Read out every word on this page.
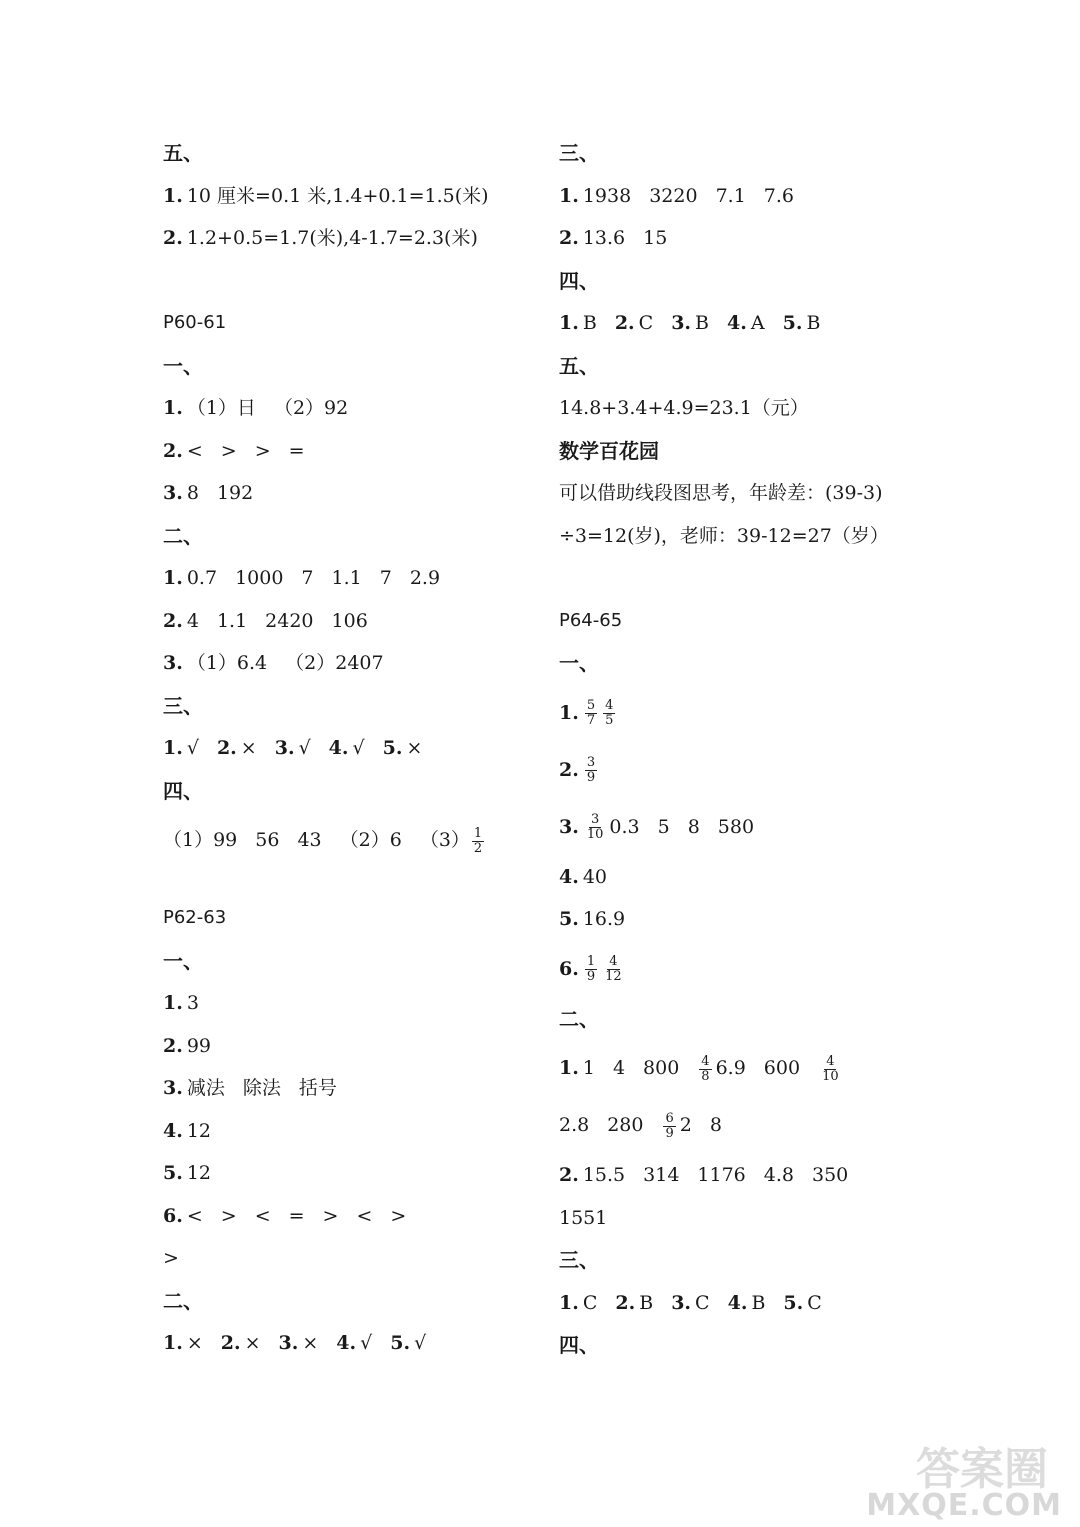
五、
1. 10 厘米=0.1 米,1.4+0.1=1.5(米)
2. 1.2+0.5=1.7(米),4-1.7=2.3(米)
P60-61
一、
1. （1）日 （2）92
2. < > > =
3. 8 192
二、
1. 0.7 1000 7 1.1 7 2.9
2. 4 1.1 2420 106
3. （1）6.4 （2）2407
三、
1. √ 2. × 3. √ 4. √ 5. ×
四、
（1）99 56 43 （2）6 $(3) \frac{1}{2}$
P62-63
一、
1. 3
2. 99
3. 减法 除法 括号
4. 12
5. 12
6. < > < = > < >
>
二、
1. × 2. × 3. × 4. √ 5. √
三、
1. 1938 3220 7.1 7.6
2. 13.6 15
四、
1. B 2. C 3. B 4. A 5. B
五、
14.8+3.4+4.9=23.1（元）
数学百花园
可以借助线段图思考，年龄差：(39-3)
÷3=12(岁)，老师：39-12=27（岁）
P64-65
一、
1. $\frac{5}{7} \frac{4}{5}$
2. $\frac{3}{9}$
3. $\frac{3}{10} 0.3$ 5 8 580
4. 40
5. 16.9
6. $\frac{1}{9} \frac{4}{12}$
二、
1. 1 4 $800 \frac{4}{8} 6.9$ $600 \frac{4}{10}$
2.8 $280 \frac{6}{9} 2$ 8
2. 15.5 314 1176 4.8 350
1551
三、
1. C 2. B 3. C 4. B 5. C
四、
答案圈
MXQE.COM
